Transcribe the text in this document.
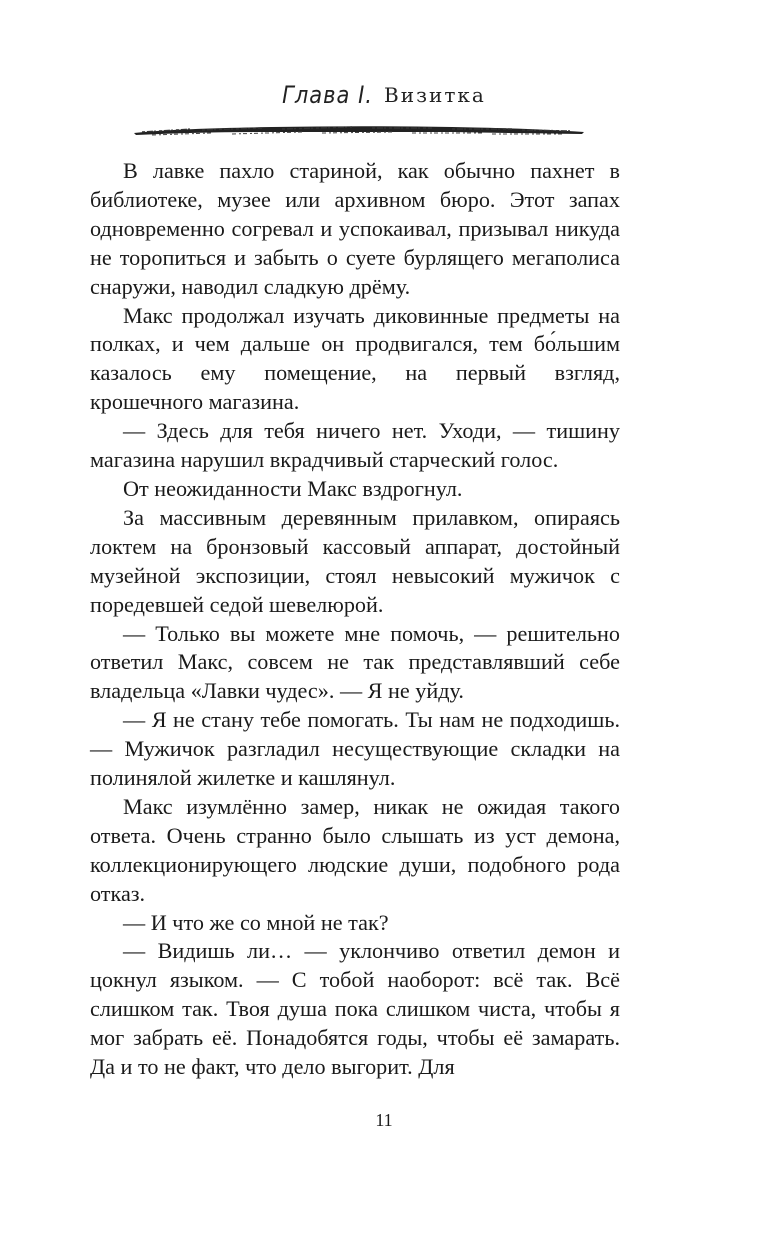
Глава I. Визитка

В лавке пахло стариной, как обычно пахнет в библиотеке, музее или архивном бюро. Этот запах одновременно согревал и успокаивал, призывал никуда не торопиться и забыть о суете бурлящего мегаполиса снаружи, наводил сладкую дрёму.

Макс продолжал изучать диковинные предметы на полках, и чем дальше он продвигался, тем бо́льшим казалось ему помещение, на первый взгляд, крошечного магазина.

— Здесь для тебя ничего нет. Уходи, — тишину магазина нарушил вкрадчивый старческий голос.

От неожиданности Макс вздрогнул.

За массивным деревянным прилавком, опираясь локтем на бронзовый кассовый аппарат, достойный музейной экспозиции, стоял невысокий мужичок с поредевшей седой шевелюрой.

— Только вы можете мне помочь, — решительно ответил Макс, совсем не так представлявший себе владельца «Лавки чудес». — Я не уйду.

— Я не стану тебе помогать. Ты нам не подходишь. — Мужичок разгладил несуществующие складки на полинялой жилетке и кашлянул.

Макс изумлённо замер, никак не ожидая такого ответа. Очень странно было слышать из уст демона, коллекционирующего людские души, подобного рода отказ.

— И что же со мной не так?

— Видишь ли… — уклончиво ответил демон и цокнул языком. — С тобой наоборот: всё так. Всё слишком так. Твоя душа пока слишком чиста, чтобы я мог забрать её. Понадобятся годы, чтобы её замарать. Да и то не факт, что дело выгорит. Для

11
